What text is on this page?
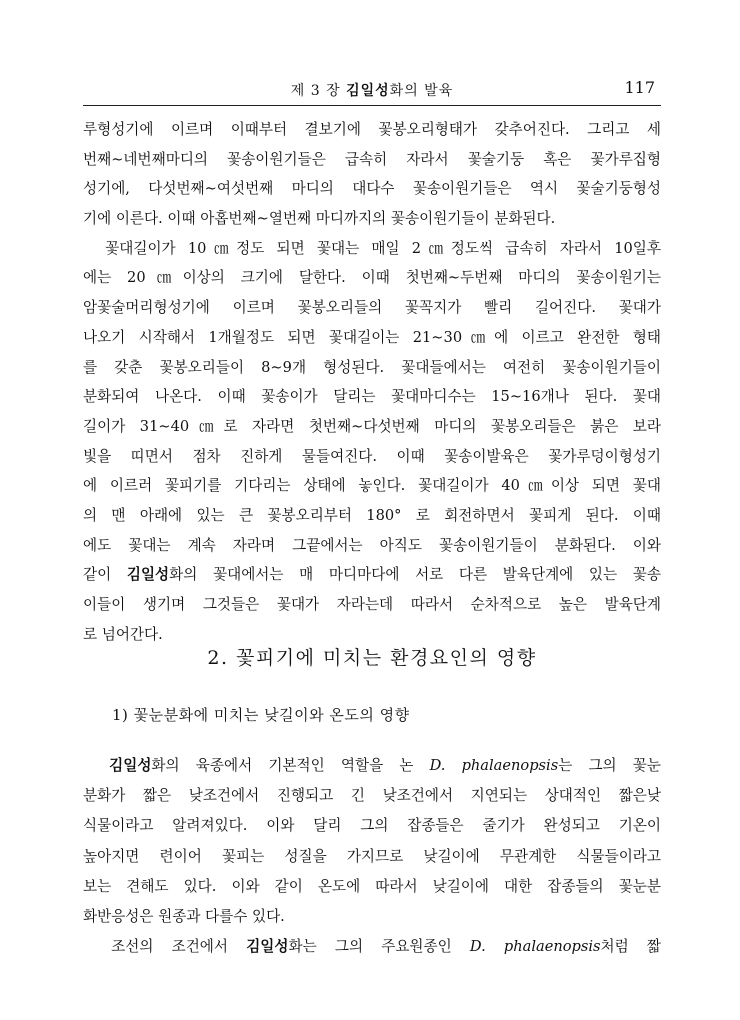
제 3 장 김일성화의 발육	117
루형성기에 이르며 이때부터 결보기에 꽃봉오리형태가 갖추어진다. 그리고 세
번째∼네번째마디의 꽃송이원기들은 급속히 자라서 꽃술기둥 혹은 꽃가루집형
성기에, 다섯번째∼여섯번째 마디의 대다수 꽃송이원기들은 역시 꽃술기둥형성
기에 이른다. 이때 아홉번째∼열번째 마디까지의 꽃송이원기들이 분화된다.
　꽃대길이가 10㎝정도 되면 꽃대는 매일 2㎝정도씩 급속히 자라서 10일후
에는 20㎝이상의 크기에 달한다. 이때 첫번째∼두번째 마디의 꽃송이원기는
암꽃술머리형성기에 이르며 꽃봉오리들의 꽃꼭지가 빨리 길어진다. 꽃대가
나오기 시작해서 1개월정도 되면 꽃대길이는 21∼30㎝에 이르고 완전한 형태
를 갖춘 꽃봉오리들이 8∼9개 형성된다. 꽃대들에서는 여전히 꽃송이원기들이
분화되여 나온다. 이때 꽃송이가 달리는 꽃대마디수는 15∼16개나 된다. 꽃대
길이가 31∼40㎝로 자라면 첫번째∼다섯번째 마디의 꽃봉오리들은 붉은 보라
빛을 띠면서 점차 진하게 물들여진다. 이때 꽃송이발육은 꽃가루덩이형성기
에 이르러 꽃피기를 기다리는 상태에 놓인다. 꽃대길이가 40㎝이상 되면 꽃대
의 맨 아래에 있는 큰 꽃봉오리부터 180° 로 회전하면서 꽃피게 된다. 이때
에도 꽃대는 계속 자라며 그끝에서는 아직도 꽃송이원기들이 분화된다. 이와
같이 김일성화의 꽃대에서는 매 마디마다에 서로 다른 발육단계에 있는 꽃송
이들이 생기며 그것들은 꽃대가 자라는데 따라서 순차적으로 높은 발육단계
로 넘어간다.
2. 꽃피기에 미치는 환경요인의 영향
1) 꽃눈분화에 미치는 낮길이와 온도의 영향
　김일성화의 육종에서 기본적인 역할을 논 D. phalaenopsis는 그의 꽃눈
분화가 짧은 낮조건에서 진행되고 긴 낮조건에서 지연되는 상대적인 짧은낮
식물이라고 알려져있다. 이와 달리 그의 잡종들은 줄기가 완성되고 기온이
높아지면 련이어 꽃피는 성질을 가지므로 낮길이에 무관계한 식물들이라고
보는 견해도 있다. 이와 같이 온도에 따라서 낮길이에 대한 잡종들의 꽃눈분
화반응성은 원종과 다를수 있다.
　조선의 조건에서 김일성화는 그의 주요원종인 D. phalaenopsis처럼 짧
